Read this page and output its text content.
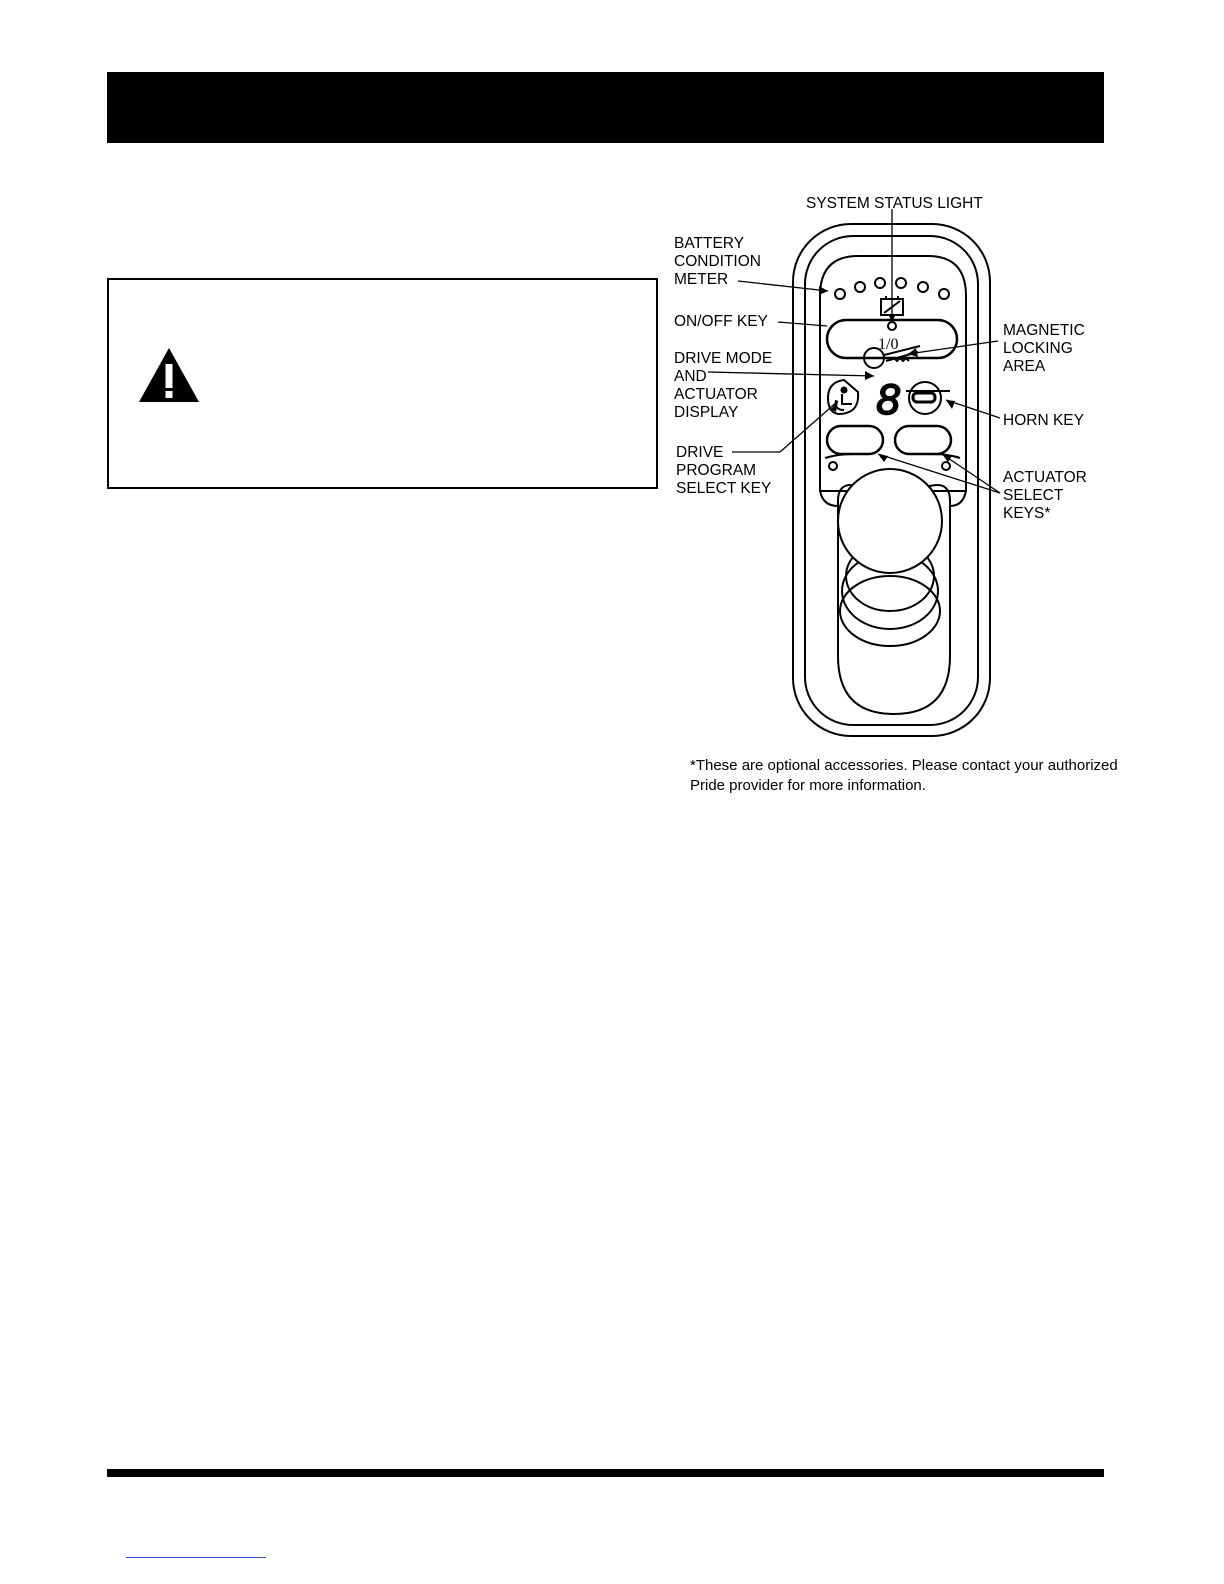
8
1/0
SYSTEM STATUS LIGHT
BATTERY
CONDITION
METER
ON/OFF KEY
DRIVE MODE
AND
ACTUATOR
DISPLAY
DRIVE
PROGRAM
SELECT KEY
MAGNETIC
LOCKING
AREA
HORN KEY
ACTUATOR
SELECT
KEYS*
*These are optional accessories. Please contact your authorized
Pride provider for more information.
